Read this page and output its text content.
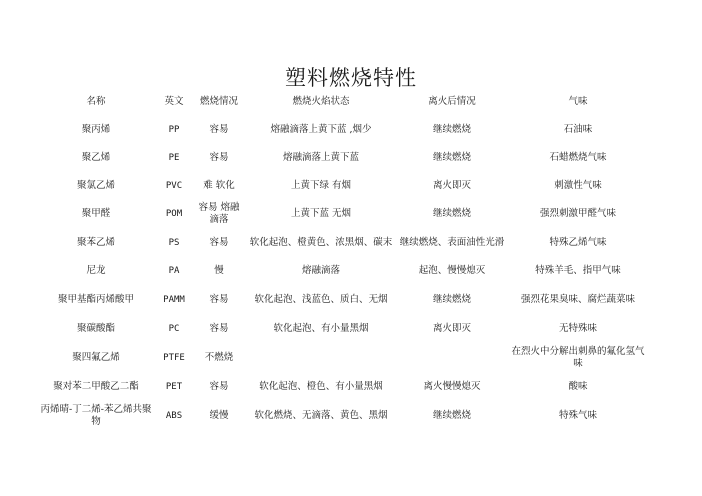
塑料燃烧特性
名称	英文	燃烧情况	燃烧火焰状态	离火后情况	气味
聚丙烯	PP	容易	熔融滴落上黄下蓝 ,烟少	继续燃烧	石油味
聚乙烯	PE	容易	熔融滴落上黄下蓝	继续燃烧	石蜡燃烧气味
聚氯乙烯	PVC	难 软化	上黄下绿 有烟	离火即灭	刺激性气味
聚甲醛	POM	容易 熔融滴落	上黄下蓝 无烟	继续燃烧	强烈刺激甲醛气味
聚苯乙烯	PS	容易	软化起泡、橙黄色、浓黑烟、碳末	继续燃烧、表面油性光滑	特殊乙烯气味
尼龙	PA	慢	熔融滴落	起泡、慢慢熄灭	特殊羊毛、指甲气味
聚甲基酯丙烯酸甲	PAMM	容易	软化起泡、浅蓝色、质白、无烟	继续燃烧	强烈花果臭味、腐烂蔬菜味
聚碳酸酯	PC	容易	软化起泡、有小量黑烟	离火即灭	无特殊味
聚四氟乙烯	PTFE	不燃烧			在烈火中分解出刺鼻的氟化氢气味
聚对苯二甲酸乙二酯	PET	容易	软化起泡、橙色、有小量黑烟	离火慢慢熄灭	酸味
丙烯晴-丁二烯-苯乙烯共聚物	ABS	缓慢	软化燃烧、无滴落、黄色、黑烟	继续燃烧	特殊气味
